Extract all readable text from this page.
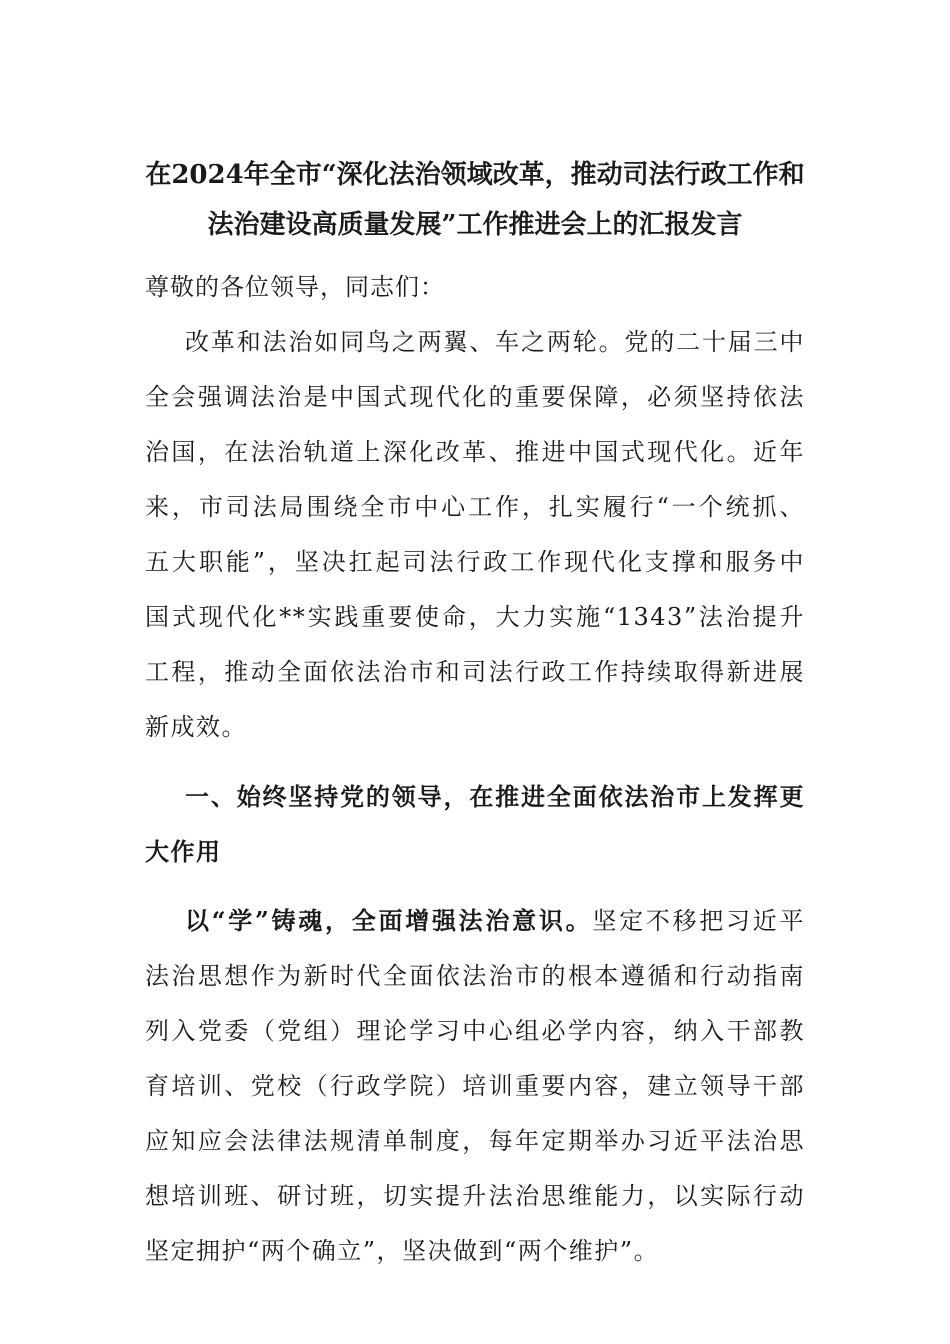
在2024年全市“深化法治领域改革，推动司法行政工作和
法治建设高质量发展”工作推进会上的汇报发言

尊敬的各位领导，同志们：

改革和法治如同鸟之两翼、车之两轮。党的二十届三中
全会强调法治是中国式现代化的重要保障，必须坚持依法
治国，在法治轨道上深化改革、推进中国式现代化。近年
来，市司法局围绕全市中心工作，扎实履行“一个统抓、
五大职能”，坚决扛起司法行政工作现代化支撑和服务中
国式现代化**实践重要使命，大力实施“1343”法治提升
工程，推动全面依法治市和司法行政工作持续取得新进展
新成效。
一、始终坚持党的领导，在推进全面依法治市上发挥更
大作用
以“学”铸魂，全面增强法治意识。坚定不移把习近平
法治思想作为新时代全面依法治市的根本遵循和行动指南
列入党委（党组）理论学习中心组必学内容，纳入干部教
育培训、党校（行政学院）培训重要内容，建立领导干部
应知应会法律法规清单制度，每年定期举办习近平法治思
想培训班、研讨班，切实提升法治思维能力，以实际行动
坚定拥护“两个确立”，坚决做到“两个维护”。
